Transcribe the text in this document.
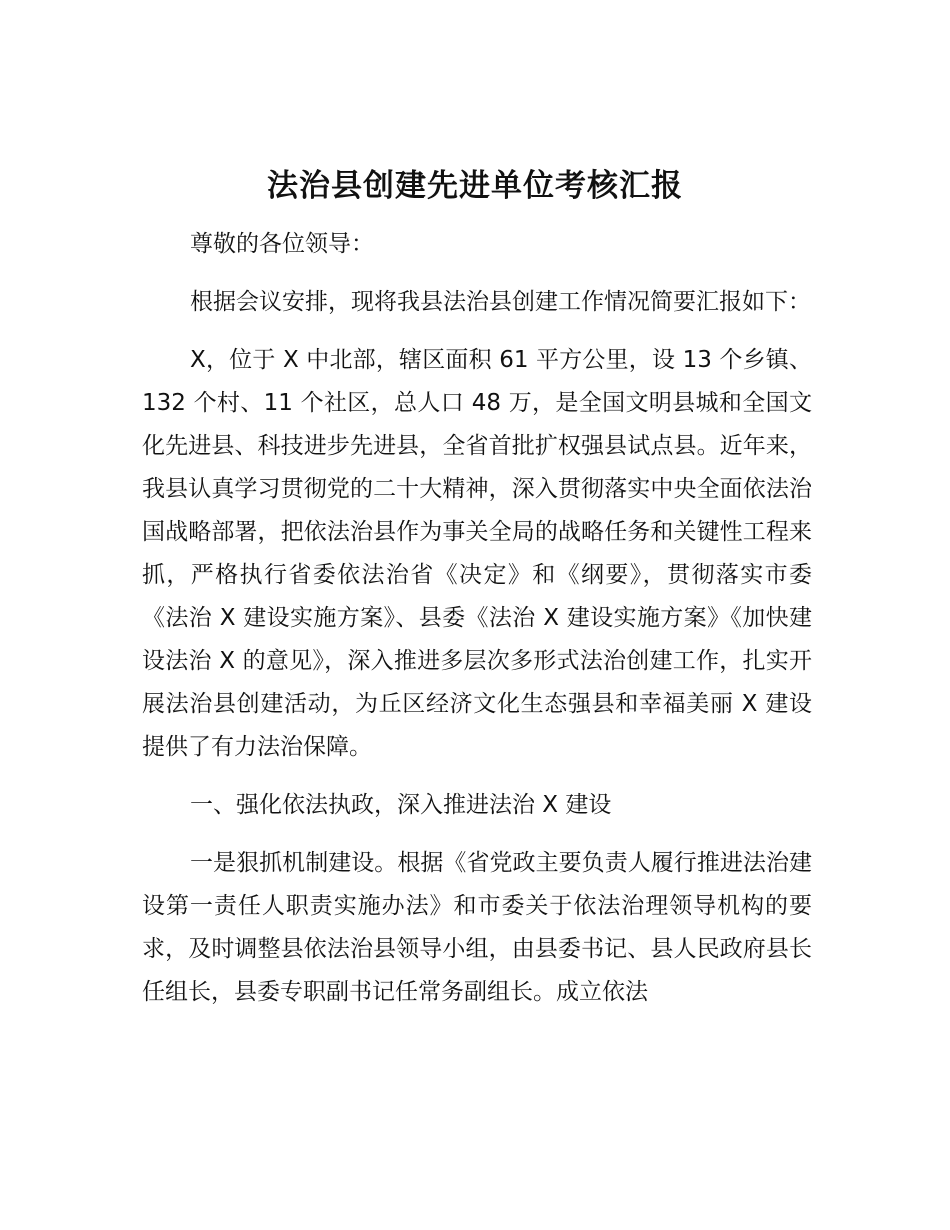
法治县创建先进单位考核汇报

尊敬的各位领导：

根据会议安排，现将我县法治县创建工作情况简要汇报如下：

X，位于 X 中北部，辖区面积 61 平方公里，设 13 个乡镇、132 个村、11 个社区，总人口 48 万，是全国文明县城和全国文化先进县、科技进步先进县，全省首批扩权强县试点县。近年来，我县认真学习贯彻党的二十大精神，深入贯彻落实中央全面依法治国战略部署，把依法治县作为事关全局的战略任务和关键性工程来抓，严格执行省委依法治省《决定》和《纲要》，贯彻落实市委《法治 X 建设实施方案》、县委《法治 X 建设实施方案》《加快建设法治 X 的意见》，深入推进多层次多形式法治创建工作，扎实开展法治县创建活动，为丘区经济文化生态强县和幸福美丽 X 建设提供了有力法治保障。

一、强化依法执政，深入推进法治 X 建设

一是狠抓机制建设。根据《省党政主要负责人履行推进法治建设第一责任人职责实施办法》和市委关于依法治理领导机构的要求，及时调整县依法治县领导小组，由县委书记、县人民政府县长任组长，县委专职副书记任常务副组长。成立依法
